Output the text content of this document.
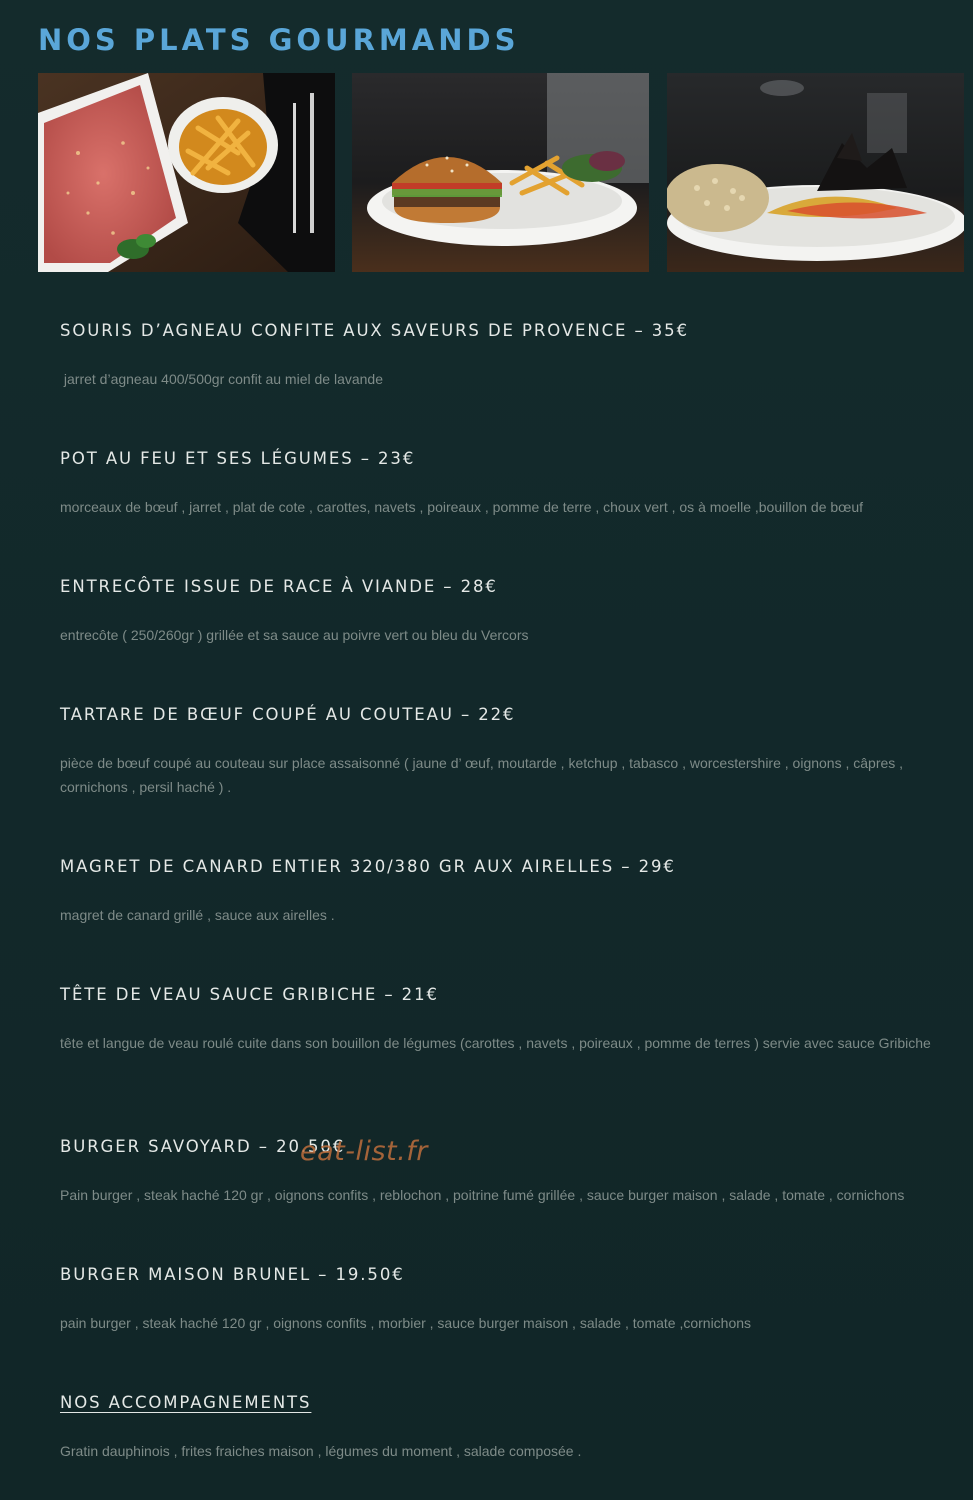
NOS PLATS GOURMANDS
SOURIS D’AGNEAU CONFITE AUX SAVEURS DE PROVENCE – 35€

jarret d’agneau 400/500gr confit au miel de lavande

POT AU FEU ET SES LÉGUMES – 23€

morceaux de bœuf , jarret , plat de cote , carottes, navets , poireaux , pomme de terre , choux vert , os à moelle ,bouillon de bœuf

ENTRECÔTE ISSUE DE RACE À VIANDE – 28€

entrecôte ( 250/260gr ) grillée et sa sauce au poivre vert ou bleu du Vercors

TARTARE DE BŒUF COUPÉ AU COUTEAU – 22€

pièce de bœuf coupé au couteau sur place assaisonné ( jaune d’ œuf, moutarde , ketchup , tabasco , worcestershire , oignons , câpres , cornichons , persil haché ) .

MAGRET DE CANARD ENTIER 320/380 GR AUX AIRELLES – 29€

magret de canard grillé , sauce aux airelles .

TÊTE DE VEAU SAUCE GRIBICHE – 21€

tête et langue de veau roulé cuite dans son bouillon de légumes (carottes , navets , poireaux , pomme de terres ) servie avec sauce Gribiche

BURGER SAVOYARD – 20.50€

Pain burger , steak haché 120 gr , oignons confits , reblochon , poitrine fumé grillée , sauce burger maison , salade , tomate , cornichons

BURGER MAISON BRUNEL – 19.50€

pain burger , steak haché 120 gr , oignons confits , morbier , sauce burger maison , salade , tomate ,cornichons

NOS ACCOMPAGNEMENTS

Gratin dauphinois , frites fraiches maison , légumes du moment , salade composée .

eat-list.fr
